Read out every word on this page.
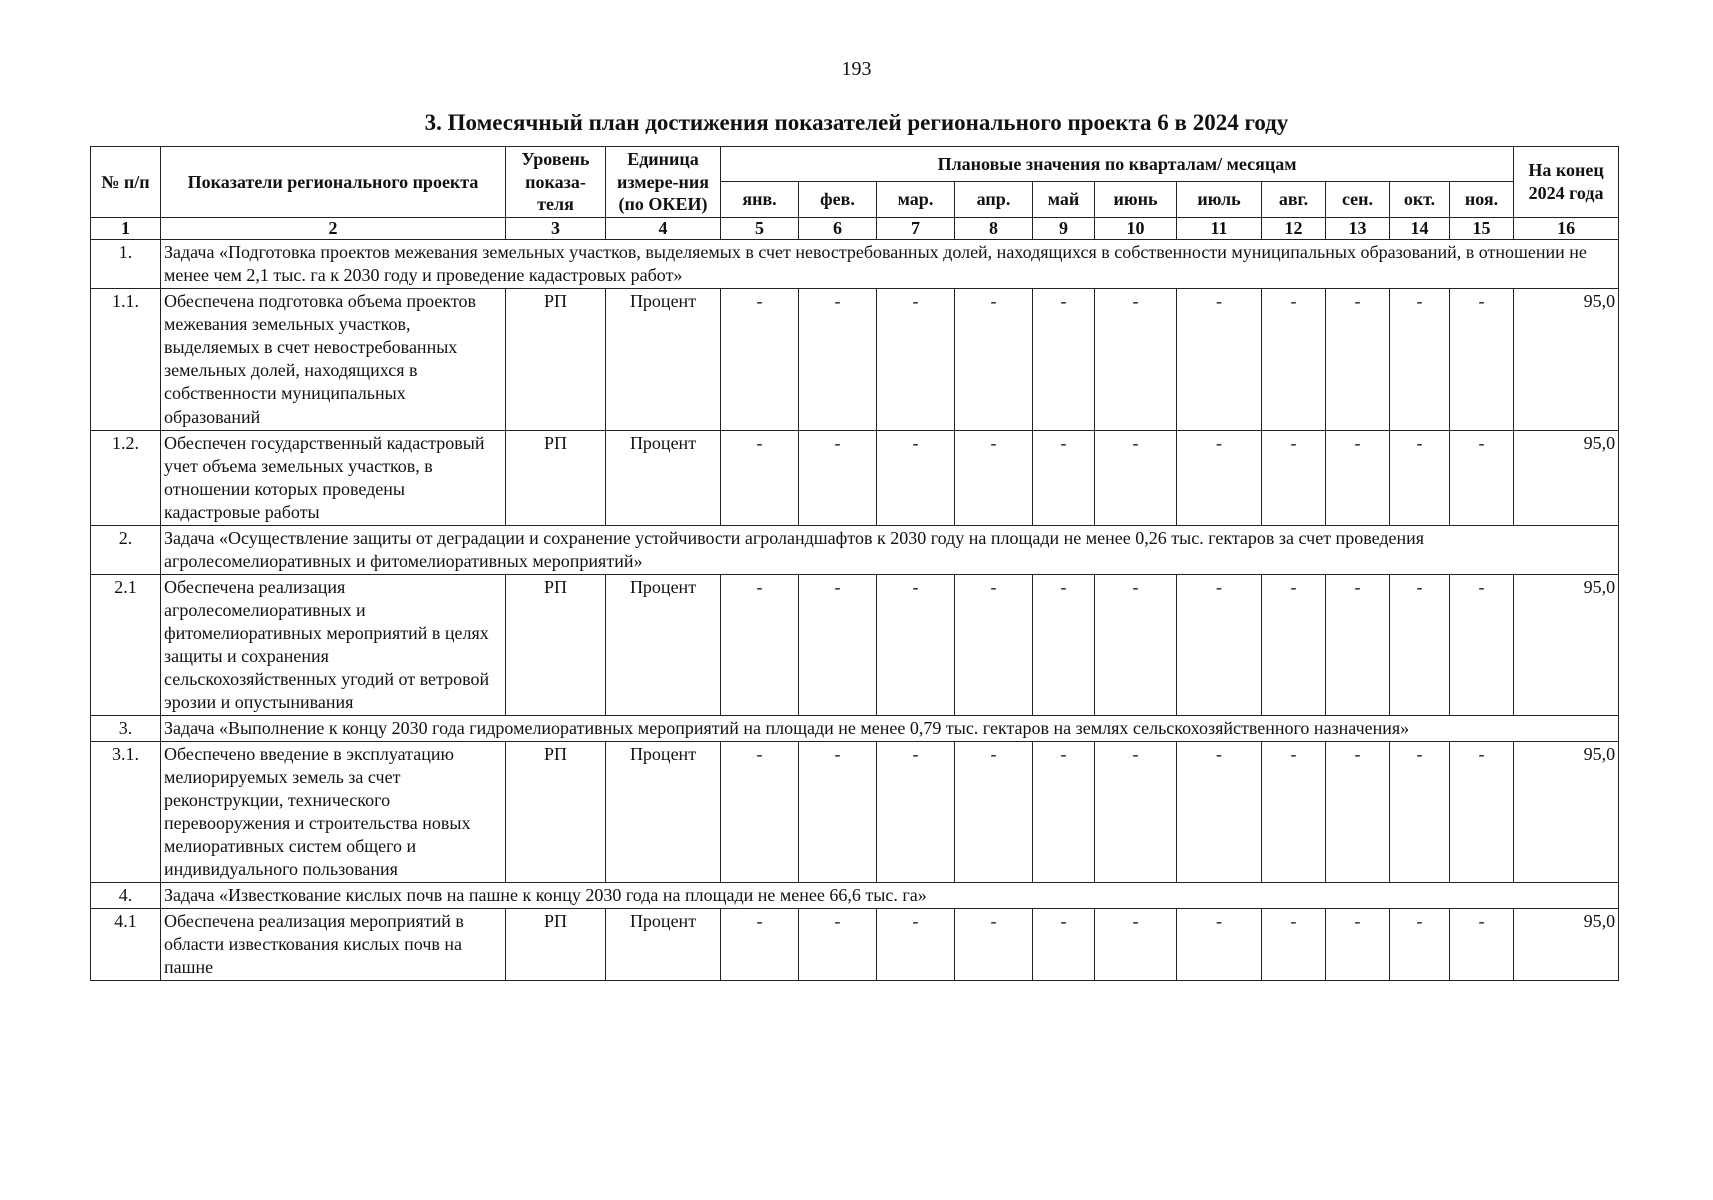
193
3. Помесячный план достижения показателей регионального проекта 6 в 2024 году
№ п/п	Показатели регионального проекта	Уровень показа-теля	Единица измере-ния (по ОКЕИ)	Плановые значения по кварталам/ месяцам											На конец 2024 года
				янв.	фев.	мар.	апр.	май	июнь	июль	авг.	сен.	окт.	ноя.	
1	2	3	4	5	6	7	8	9	10	11	12	13	14	15	16
1.	Задача «Подготовка проектов межевания земельных участков, выделяемых в счет невостребованных долей, находящихся в собственности муниципальных образований, в отношении не менее чем 2,1 тыс. га к 2030 году и проведение кадастровых работ»														
1.1.	Обеспечена подготовка объема проектов межевания земельных участков, выделяемых в счет невостребованных земельных долей, находящихся в собственности муниципальных образований	РП	Процент	-	-	-	-	-	-	-	-	-	-	-	95,0
1.2.	Обеспечен государственный кадастровый учет объема земельных участков, в отношении которых проведены кадастровые работы	РП	Процент	-	-	-	-	-	-	-	-	-	-	-	95,0
2.	Задача «Осуществление защиты от деградации и сохранение устойчивости агроландшафтов к 2030 году на площади не менее 0,26 тыс. гектаров за счет проведения агролесомелиоративных и фитомелиоративных мероприятий»														
2.1	Обеспечена реализация агролесомелиоративных и фитомелиоративных мероприятий в целях защиты и сохранения сельскохозяйственных угодий от ветровой эрозии и опустынивания	РП	Процент	-	-	-	-	-	-	-	-	-	-	-	95,0
3.	Задача «Выполнение к концу 2030 года гидромелиоративных мероприятий на площади не менее 0,79 тыс. гектаров на землях сельскохозяйственного назначения»														
3.1.	Обеспечено введение в эксплуатацию мелиорируемых земель за счет реконструкции, технического перевооружения и строительства новых мелиоративных систем общего и индивидуального пользования	РП	Процент	-	-	-	-	-	-	-	-	-	-	-	95,0
4.	Задача «Известкование кислых почв на пашне к концу 2030 года на площади не менее 66,6 тыс. га»														
4.1	Обеспечена реализация мероприятий в области известкования кислых почв на пашне	РП	Процент	-	-	-	-	-	-	-	-	-	-	-	95,0
